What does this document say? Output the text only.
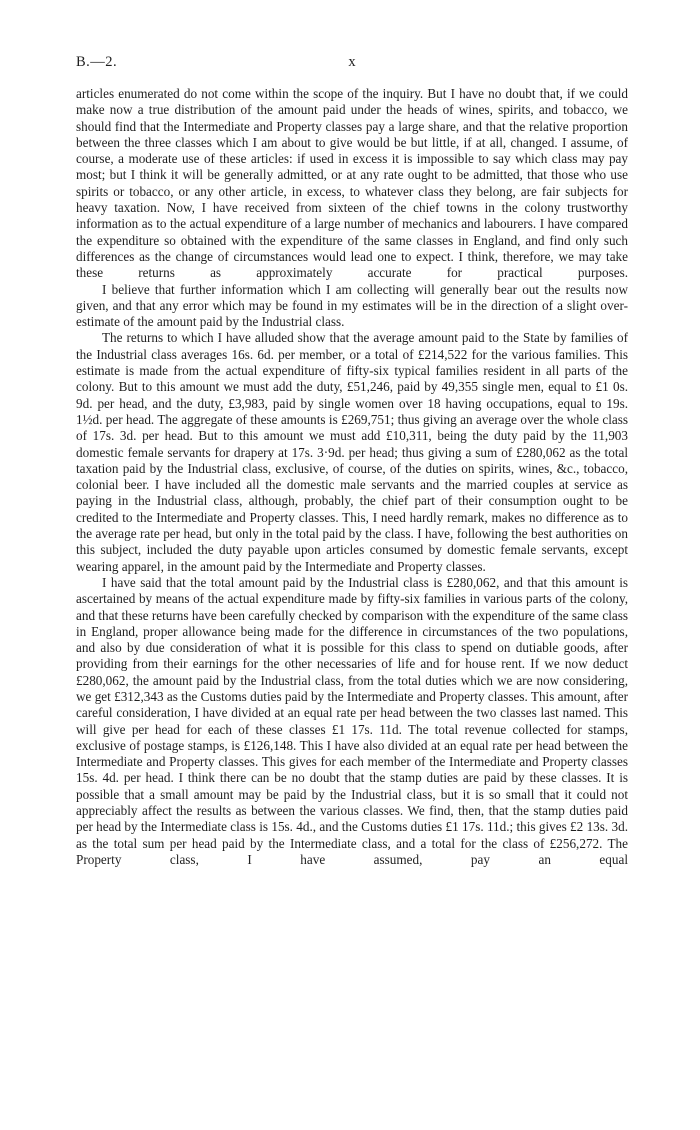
B.—2.	x

articles enumerated do not come within the scope of the inquiry. But I have no doubt that, if we could make now a true distribution of the amount paid under the heads of wines, spirits, and tobacco, we should find that the Intermediate and Property classes pay a large share, and that the relative proportion between the three classes which I am about to give would be but little, if at all, changed. I assume, of course, a moderate use of these articles: if used in excess it is impossible to say which class may pay most; but I think it will be generally admitted, or at any rate ought to be admitted, that those who use spirits or tobacco, or any other article, in excess, to whatever class they belong, are fair subjects for heavy taxation. Now, I have received from sixteen of the chief towns in the colony trustworthy information as to the actual expenditure of a large number of mechanics and labourers. I have compared the expenditure so obtained with the expenditure of the same classes in England, and find only such differences as the change of circumstances would lead one to expect. I think, therefore, we may take these returns as approximately accurate for practical purposes.

I believe that further information which I am collecting will generally bear out the results now given, and that any error which may be found in my estimates will be in the direction of a slight over-estimate of the amount paid by the Industrial class.

The returns to which I have alluded show that the average amount paid to the State by families of the Industrial class averages 16s. 6d. per member, or a total of £214,522 for the various families. This estimate is made from the actual expenditure of fifty-six typical families resident in all parts of the colony. But to this amount we must add the duty, £51,246, paid by 49,355 single men, equal to £1 0s. 9d. per head, and the duty, £3,983, paid by single women over 18 having occupations, equal to 19s. 1½d. per head. The aggregate of these amounts is £269,751; thus giving an average over the whole class of 17s. 3d. per head. But to this amount we must add £10,311, being the duty paid by the 11,903 domestic female servants for drapery at 17s. 3·9d. per head; thus giving a sum of £280,062 as the total taxation paid by the Industrial class, exclusive, of course, of the duties on spirits, wines, &c., tobacco, colonial beer. I have included all the domestic male servants and the married couples at service as paying in the Industrial class, although, probably, the chief part of their consumption ought to be credited to the Intermediate and Property classes. This, I need hardly remark, makes no difference as to the average rate per head, but only in the total paid by the class. I have, following the best authorities on this subject, included the duty payable upon articles consumed by domestic female servants, except wearing apparel, in the amount paid by the Intermediate and Property classes.

I have said that the total amount paid by the Industrial class is £280,062, and that this amount is ascertained by means of the actual expenditure made by fifty-six families in various parts of the colony, and that these returns have been carefully checked by comparison with the expenditure of the same class in England, proper allowance being made for the difference in circumstances of the two populations, and also by due consideration of what it is possible for this class to spend on dutiable goods, after providing from their earnings for the other necessaries of life and for house rent. If we now deduct £280,062, the amount paid by the Industrial class, from the total duties which we are now considering, we get £312,343 as the Customs duties paid by the Intermediate and Property classes. This amount, after careful consideration, I have divided at an equal rate per head between the two classes last named. This will give per head for each of these classes £1 17s. 11d. The total revenue collected for stamps, exclusive of postage stamps, is £126,148. This I have also divided at an equal rate per head between the Intermediate and Property classes. This gives for each member of the Intermediate and Property classes 15s. 4d. per head. I think there can be no doubt that the stamp duties are paid by these classes. It is possible that a small amount may be paid by the Industrial class, but it is so small that it could not appreciably affect the results as between the various classes. We find, then, that the stamp duties paid per head by the Intermediate class is 15s. 4d., and the Customs duties £1 17s. 11d.; this gives £2 13s. 3d. as the total sum per head paid by the Intermediate class, and a total for the class of £256,272. The Property class, I have assumed, pay an equal
